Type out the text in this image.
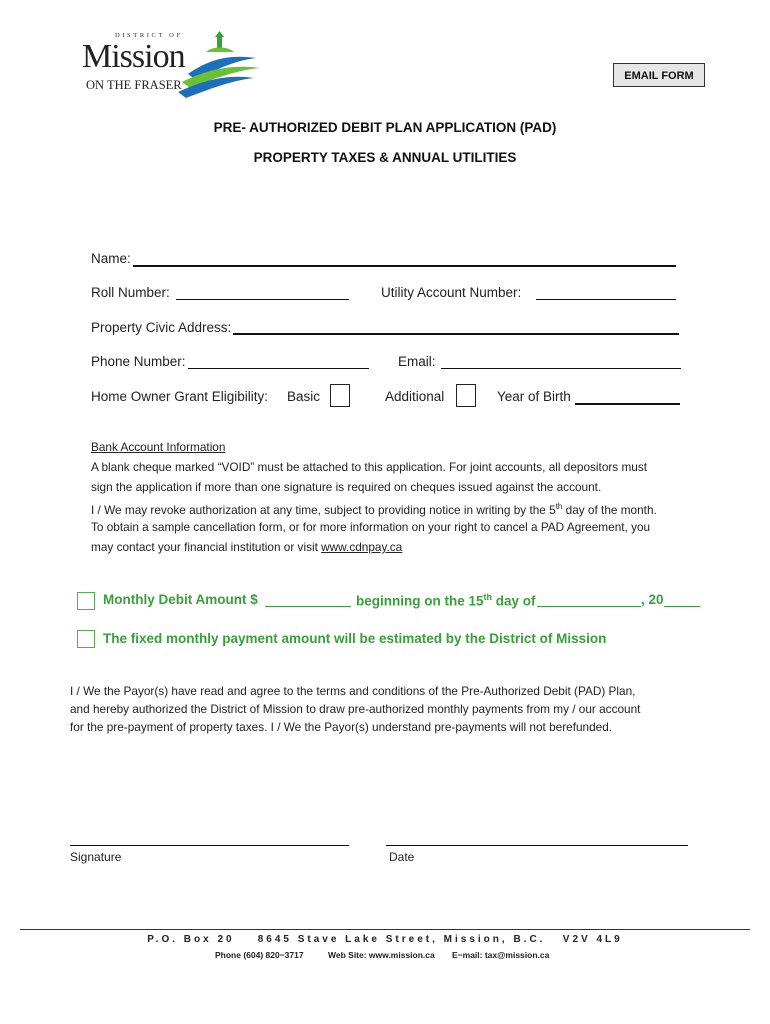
DISTRICT OF
Mission
ON THE FRASER
EMAIL FORM
PRE- AUTHORIZED DEBIT PLAN APPLICATION (PAD)
PROPERTY TAXES & ANNUAL UTILITIES
Name:
Roll Number:	Utility Account Number:
Property Civic Address:
Phone Number:	Email:
Home Owner Grant Eligibility: Basic	Additional	Year of Birth
Bank Account Information
A blank cheque marked “VOID” must be attached to this application. For joint accounts, all depositors must
sign the application if more than one signature is required on cheques issued against the account.
I / We may revoke authorization at any time, subject to providing notice in writing by the 5th day of the month.
To obtain a sample cancellation form, or for more information on your right to cancel a PAD Agreement, you
may contact your financial institution or visit www.cdnpay.ca
Monthly Debit Amount $	beginning on the 15th day of	, 20
The fixed monthly payment amount will be estimated by the District of Mission
I / We the Payor(s) have read and agree to the terms and conditions of the Pre-Authorized Debit (PAD) Plan,
and hereby authorized the District of Mission to draw pre-authorized monthly payments from my / our account
for the pre-payment of property taxes. I / We the Payor(s) understand pre-payments will not berefunded.
Signature	Date
P.O. Box 20    8645 Stave Lake Street, Mission, B.C.   V2V 4L9
Phone (604) 820−3717	Web Site: www.mission.ca E−mail: tax@mission.ca
